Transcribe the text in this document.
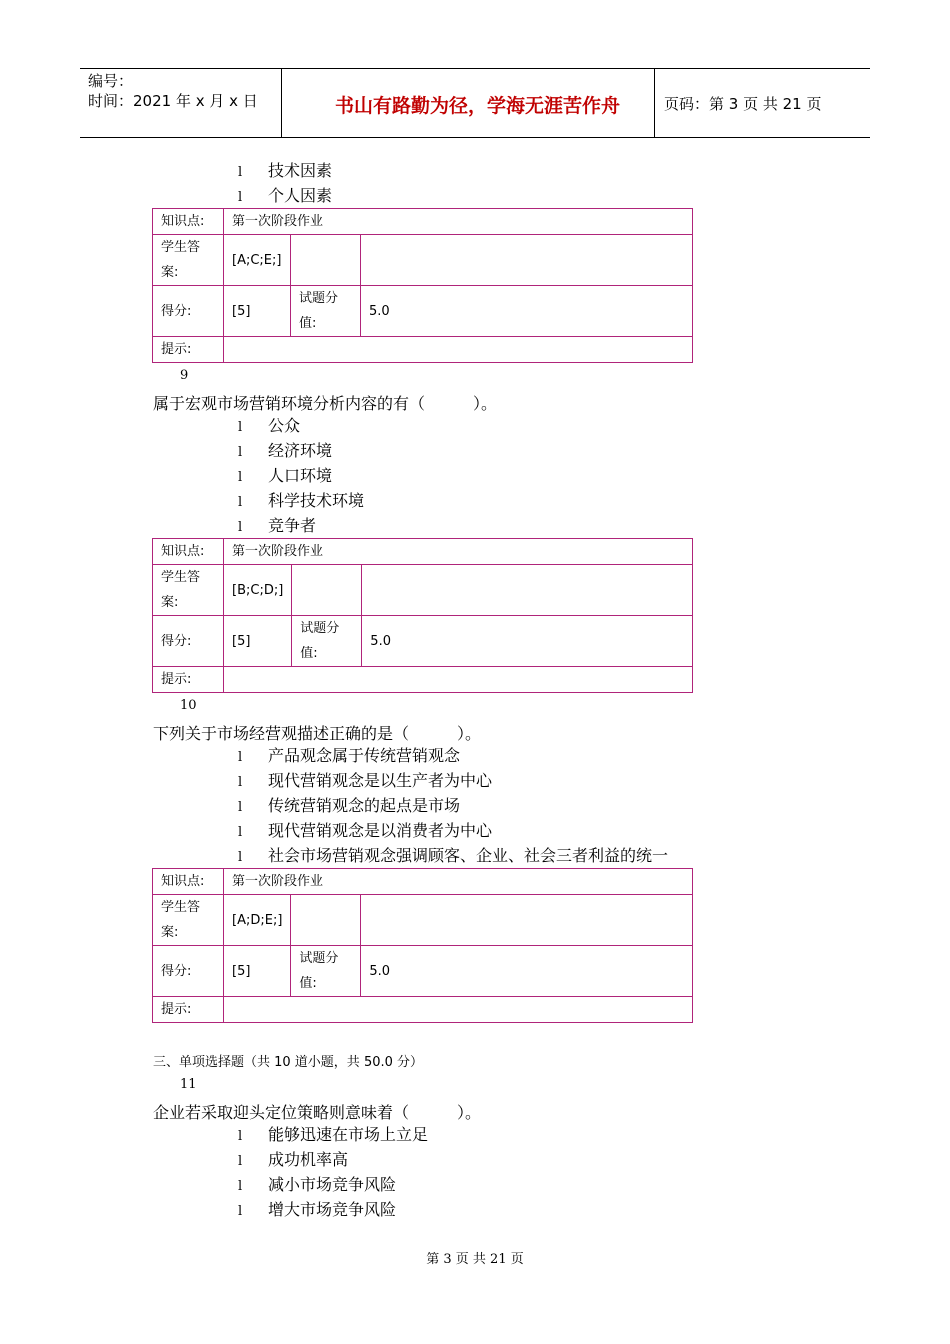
编号：
时间：2021 年 x 月 x 日	书山有路勤为径，学海无涯苦作舟	页码：第 3 页 共 21 页
l 技术因素
l 个人因素
知识点:	第一次阶段作业		
学生答案:	[A;C;E;]		
得分:	[5]	试题分值:	5.0
提示:			
9
属于宏观市场营销环境分析内容的有（　　　）。
l 公众
l 经济环境
l 人口环境
l 科学技术环境
l 竞争者
知识点:	第一次阶段作业		
学生答案:	[B;C;D;]		
得分:	[5]	试题分值:	5.0
提示:			
10
下列关于市场经营观描述正确的是（　　　）。
l 产品观念属于传统营销观念
l 现代营销观念是以生产者为中心
l 传统营销观念的起点是市场
l 现代营销观念是以消费者为中心
l 社会市场营销观念强调顾客、企业、社会三者利益的统一
知识点:	第一次阶段作业		
学生答案:	[A;D;E;]		
得分:	[5]	试题分值:	5.0
提示:			
三、单项选择题（共 10 道小题，共 50.0 分）
11
企业若采取迎头定位策略则意味着（　　　）。
l 能够迅速在市场上立足
l 成功机率高
l 减小市场竞争风险
l 增大市场竞争风险
第 3 页 共 21 页
